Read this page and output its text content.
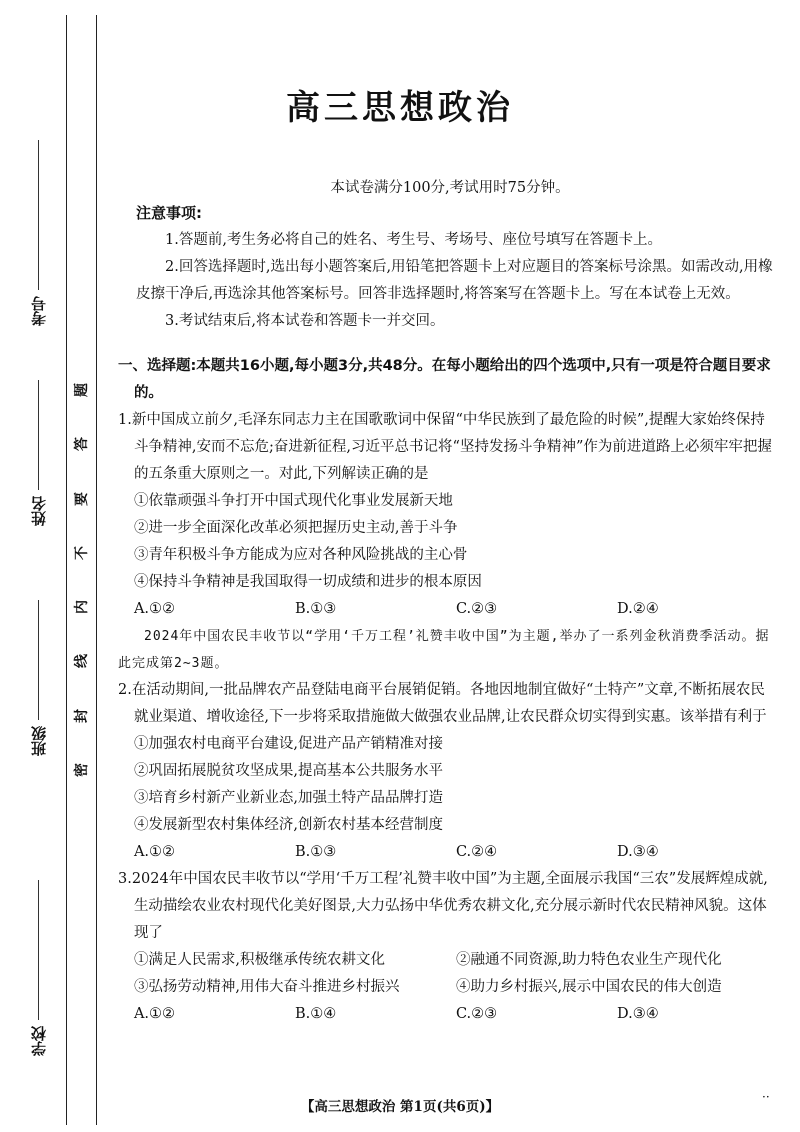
考号
姓名
班级
学校
题
答
要
不
内
线
封
密
高三思想政治
本试卷满分100分,考试用时75分钟。
注意事项:
1.答题前,考生务必将自己的姓名、考生号、考场号、座位号填写在答题卡上。
2.回答选择题时,选出每小题答案后,用铅笔把答题卡上对应题目的答案标号涂黑。如需改动,用橡皮擦干净后,再选涂其他答案标号。回答非选择题时,将答案写在答题卡上。写在本试卷上无效。
3.考试结束后,将本试卷和答题卡一并交回。
一、选择题:本题共16小题,每小题3分,共48分。在每小题给出的四个选项中,只有一项是符合题目要求的。
1.新中国成立前夕,毛泽东同志力主在国歌歌词中保留“中华民族到了最危险的时候”,提醒大家始终保持斗争精神,安而不忘危;奋进新征程,习近平总书记将“坚持发扬斗争精神”作为前进道路上必须牢牢把握的五条重大原则之一。对此,下列解读正确的是
①依靠顽强斗争打开中国式现代化事业发展新天地
②进一步全面深化改革必须把握历史主动,善于斗争
③青年积极斗争方能成为应对各种风险挑战的主心骨
④保持斗争精神是我国取得一切成绩和进步的根本原因
A.①②	B.①③	C.②③	D.②④
2024年中国农民丰收节以“学用‘千万工程’礼赞丰收中国”为主题,举办了一系列金秋消费季活动。据此完成第2~3题。
2.在活动期间,一批品牌农产品登陆电商平台展销促销。各地因地制宜做好“土特产”文章,不断拓展农民就业渠道、增收途径,下一步将采取措施做大做强农业品牌,让农民群众切实得到实惠。该举措有利于
①加强农村电商平台建设,促进产品产销精准对接
②巩固拓展脱贫攻坚成果,提高基本公共服务水平
③培育乡村新产业新业态,加强土特产品品牌打造
④发展新型农村集体经济,创新农村基本经营制度
A.①②	B.①③	C.②④	D.③④
3.2024年中国农民丰收节以“学用‘千万工程’礼赞丰收中国”为主题,全面展示我国“三农”发展辉煌成就,生动描绘农业农村现代化美好图景,大力弘扬中华优秀农耕文化,充分展示新时代农民精神风貌。这体现了
①满足人民需求,积极继承传统农耕文化	②融通不同资源,助力特色农业生产现代化
③弘扬劳动精神,用伟大奋斗推进乡村振兴	④助力乡村振兴,展示中国农民的伟大创造
A.①②	B.①④	C.②③	D.③④
【高三思想政治 第1页(共6页)】
··
